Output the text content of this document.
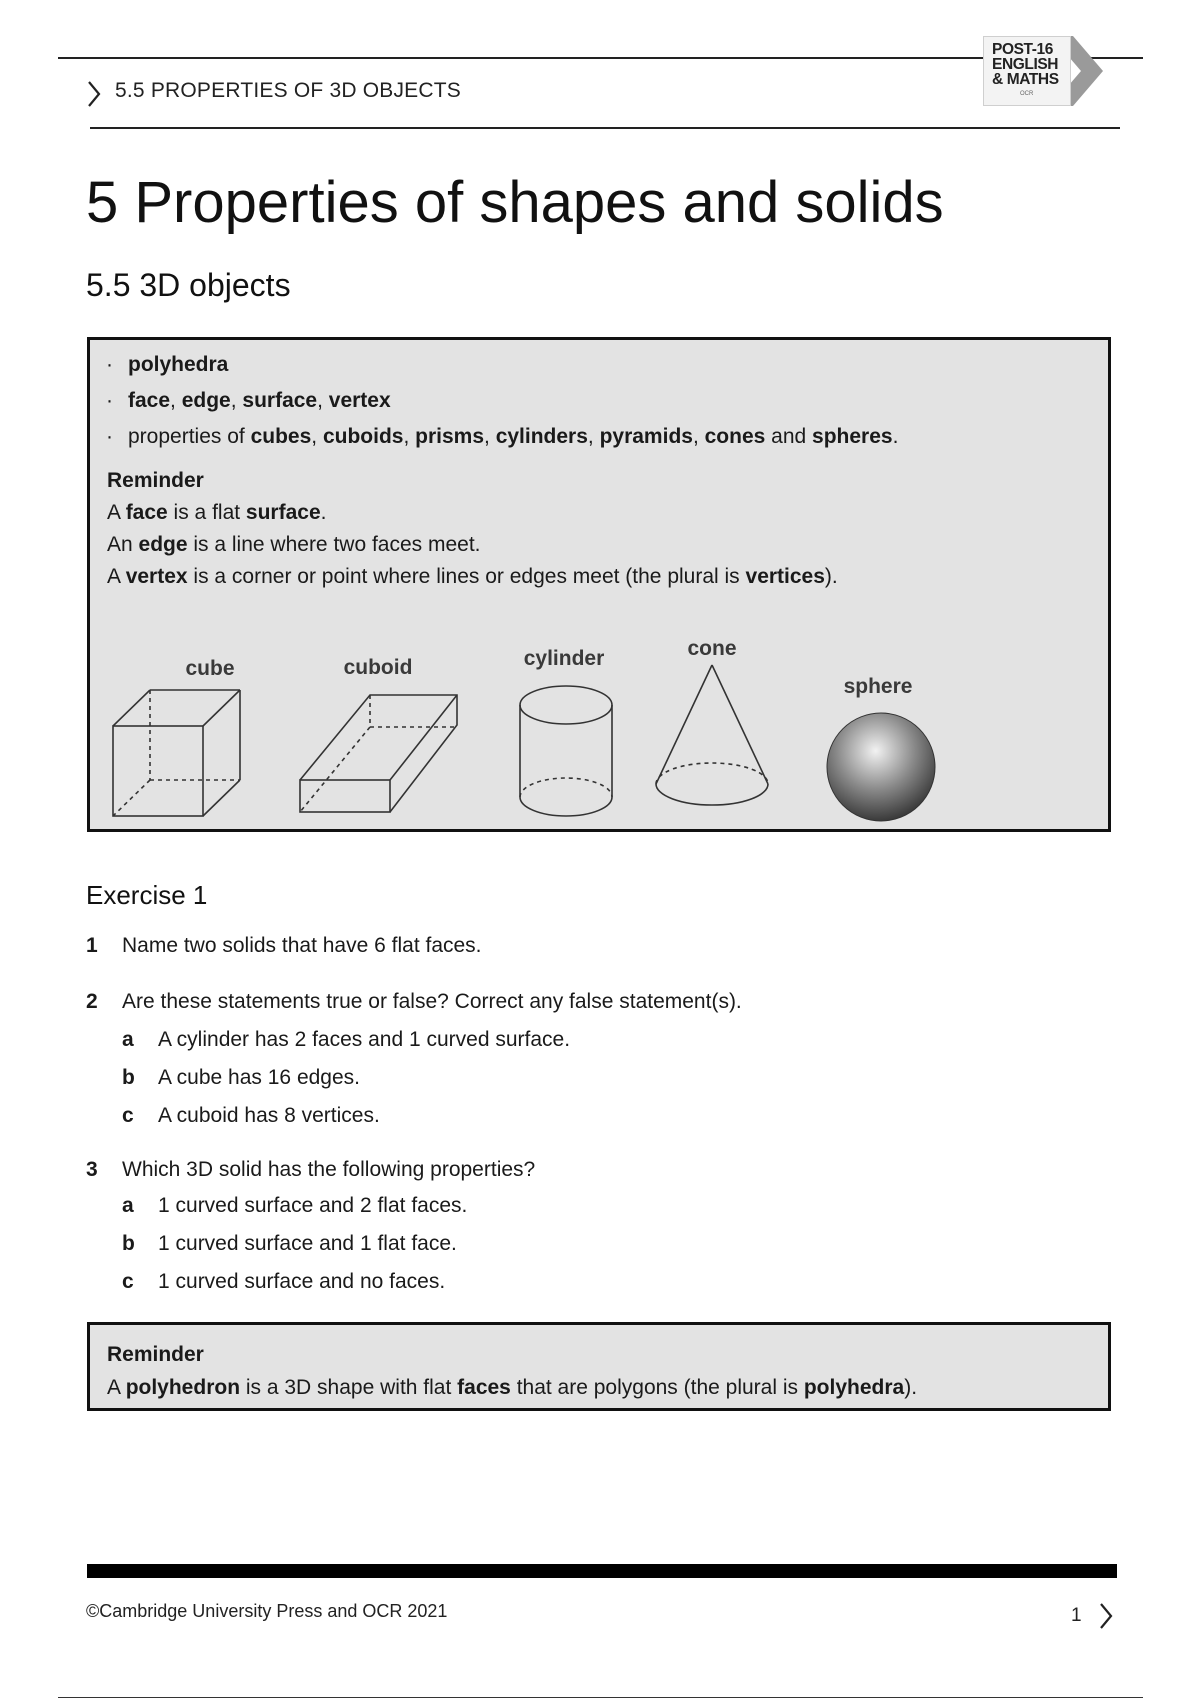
5.5 PROPERTIES OF 3D OBJECTS
POST-16
ENGLISH
& MATHS
OCR
5 Properties of shapes and solids
5.5 3D objects
· polyhedra
· face, edge, surface, vertex
· properties of cubes, cuboids, prisms, cylinders, pyramids, cones and spheres.
Reminder
A face is a flat surface.
An edge is a line where two faces meet.
A vertex is a corner or point where lines or edges meet (the plural is vertices).
cube	cuboid	cylinder	cone
sphere
Exercise 1
1 Name two solids that have 6 flat faces.
2 Are these statements true or false? Correct any false statement(s).
a A cylinder has 2 faces and 1 curved surface.
b A cube has 16 edges.
c A cuboid has 8 vertices.
3 Which 3D solid has the following properties?
a 1 curved surface and 2 flat faces.
b 1 curved surface and 1 flat face.
c 1 curved surface and no faces.
Reminder
A polyhedron is a 3D shape with flat faces that are polygons (the plural is polyhedra).
©Cambridge University Press and OCR 2021	1
